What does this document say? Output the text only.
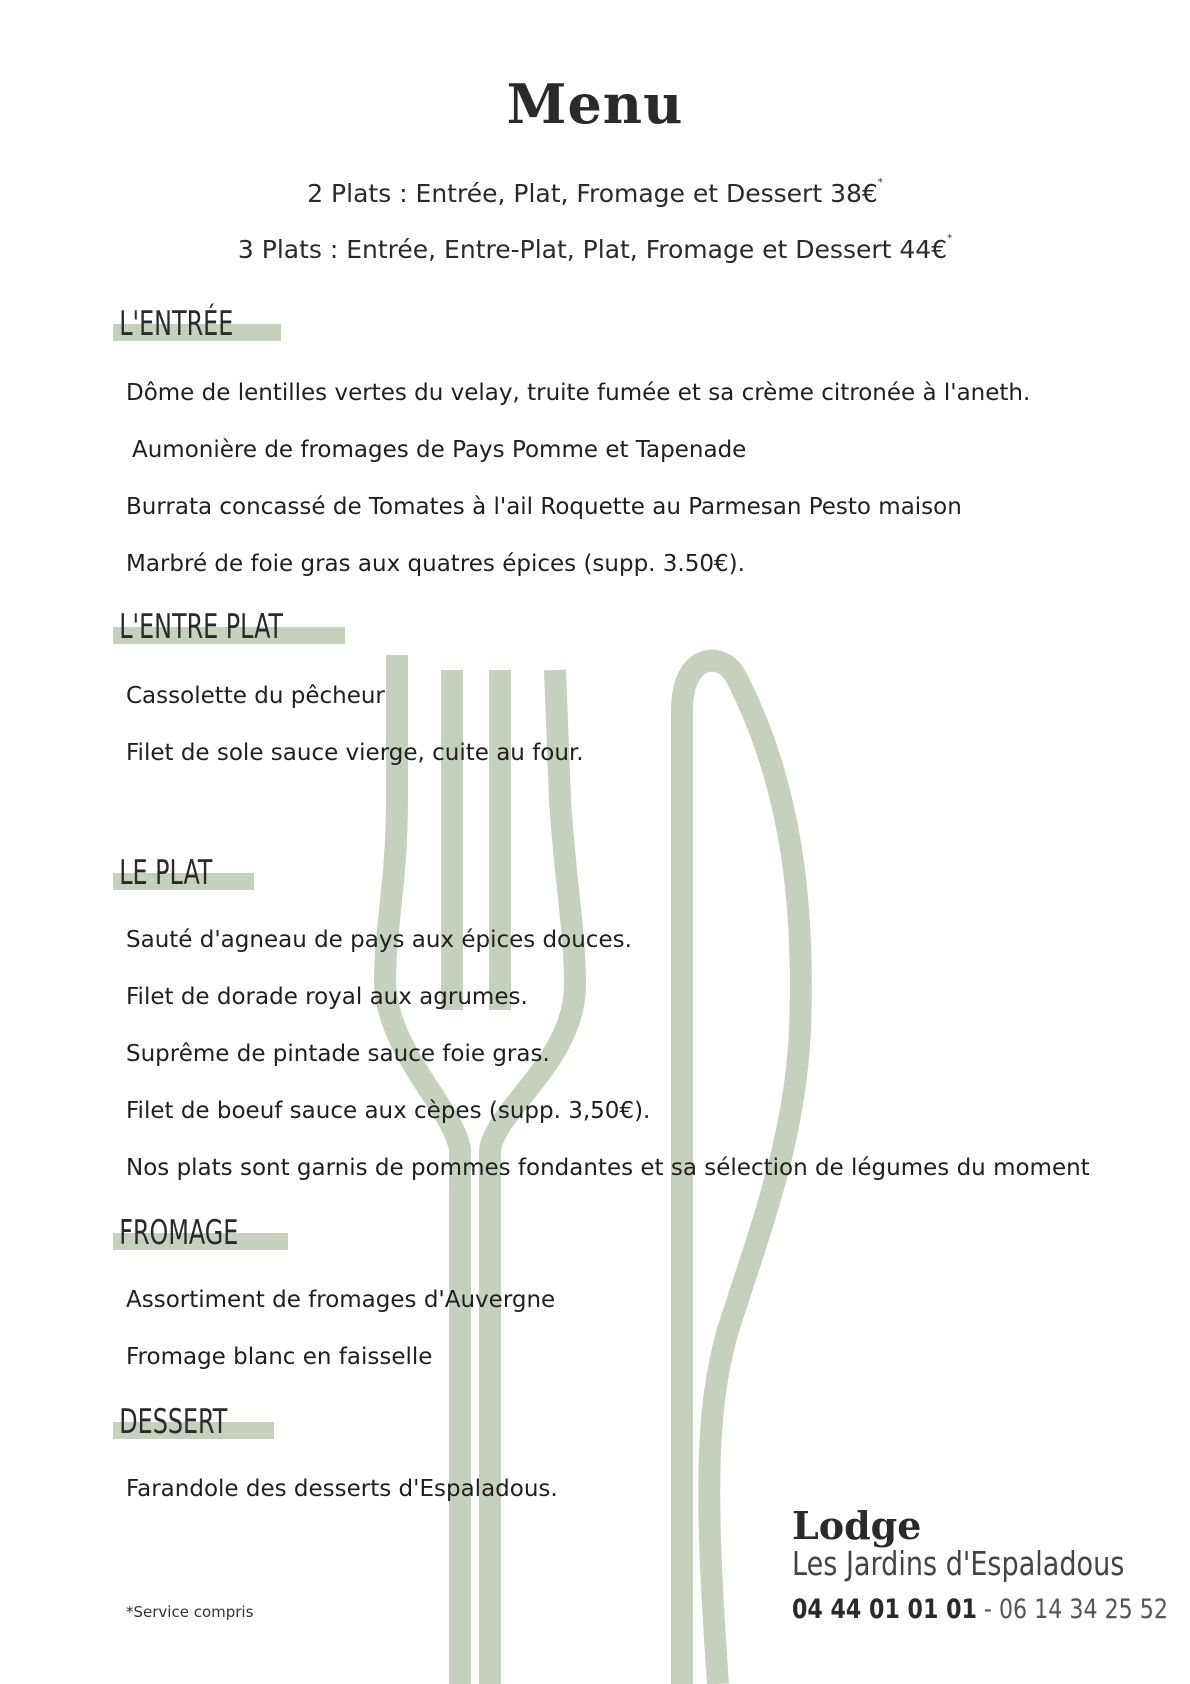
Menu

2 Plats : Entrée, Plat, Fromage et Dessert 38€*

3 Plats : Entrée, Entre-Plat, Plat, Fromage et Dessert 44€*

L'ENTRÉE

Dôme de lentilles vertes du velay, truite fumée et sa crème citronée à l'aneth.

Aumonière de fromages de Pays Pomme et Tapenade

Burrata concassé de Tomates à l'ail Roquette au Parmesan Pesto maison

Marbré de foie gras aux quatres épices (supp. 3.50€).

L'ENTRE PLAT

Cassolette du pêcheur

Filet de sole sauce vierge, cuite au four.

LE PLAT

Sauté d'agneau de pays aux épices douces.

Filet de dorade royal aux agrumes.

Suprême de pintade sauce foie gras.

Filet de boeuf sauce aux cèpes (supp. 3,50€).

Nos plats sont garnis de pommes fondantes et sa sélection de légumes du moment

FROMAGE

Assortiment de fromages d'Auvergne

Fromage blanc en faisselle

DESSERT

Farandole des desserts d'Espaladous.

*Service compris
Lodge
Les Jardins d'Espaladous
04 44 01 01 01 - 06 14 34 25 52
